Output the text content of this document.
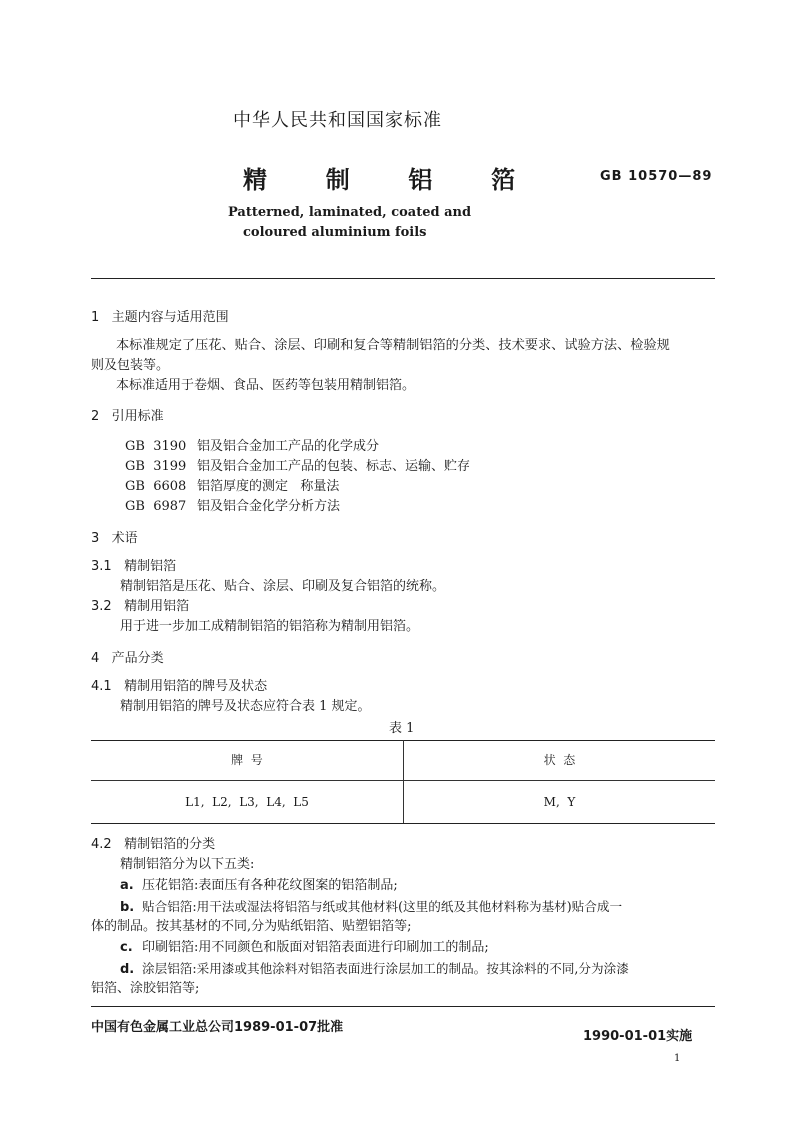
中华人民共和国国家标准
精  制  铝  箔	GB 10570—89
Patterned, laminated, coated and
coloured aluminium foils
1   主题内容与适用范围
本标准规定了压花、贴合、涂层、印刷和复合等精制铝箔的分类、技术要求、试验方法、检验规
则及包装等。
本标准适用于卷烟、食品、医药等包装用精制铝箔。
2   引用标准
GB  3190 铝及铝合金加工产品的化学成分
GB  3199 铝及铝合金加工产品的包装、标志、运输、贮存
GB  6608 铝箔厚度的测定   称量法
GB  6987 铝及铝合金化学分析方法
3   术语
3.1   精制铝箔
精制铝箔是压花、贴合、涂层、印刷及复合铝箔的统称。
3.2   精制用铝箔
用于进一步加工成精制铝箔的铝箔称为精制用铝箔。
4   产品分类
4.1   精制用铝箔的牌号及状态
精制用铝箔的牌号及状态应符合表 1 规定。
表 1
牌  号	状  态
L1,  L2,  L3,  L4,  L5	M,  Y
4.2   精制铝箔的分类
精制铝箔分为以下五类:
a. 压花铝箔:表面压有各种花纹图案的铝箔制品;
b. 贴合铝箔:用干法或湿法将铝箔与纸或其他材料(这里的纸及其他材料称为基材)贴合成一
体的制品。按其基材的不同,分为贴纸铝箔、贴塑铝箔等;
c. 印刷铝箔:用不同颜色和版面对铝箔表面进行印刷加工的制品;
d. 涂层铝箔:采用漆或其他涂料对铝箔表面进行涂层加工的制品。按其涂料的不同,分为涂漆
铝箔、涂胶铝箔等;
中国有色金属工业总公司1989-01-07批准
1990-01-01实施
1
